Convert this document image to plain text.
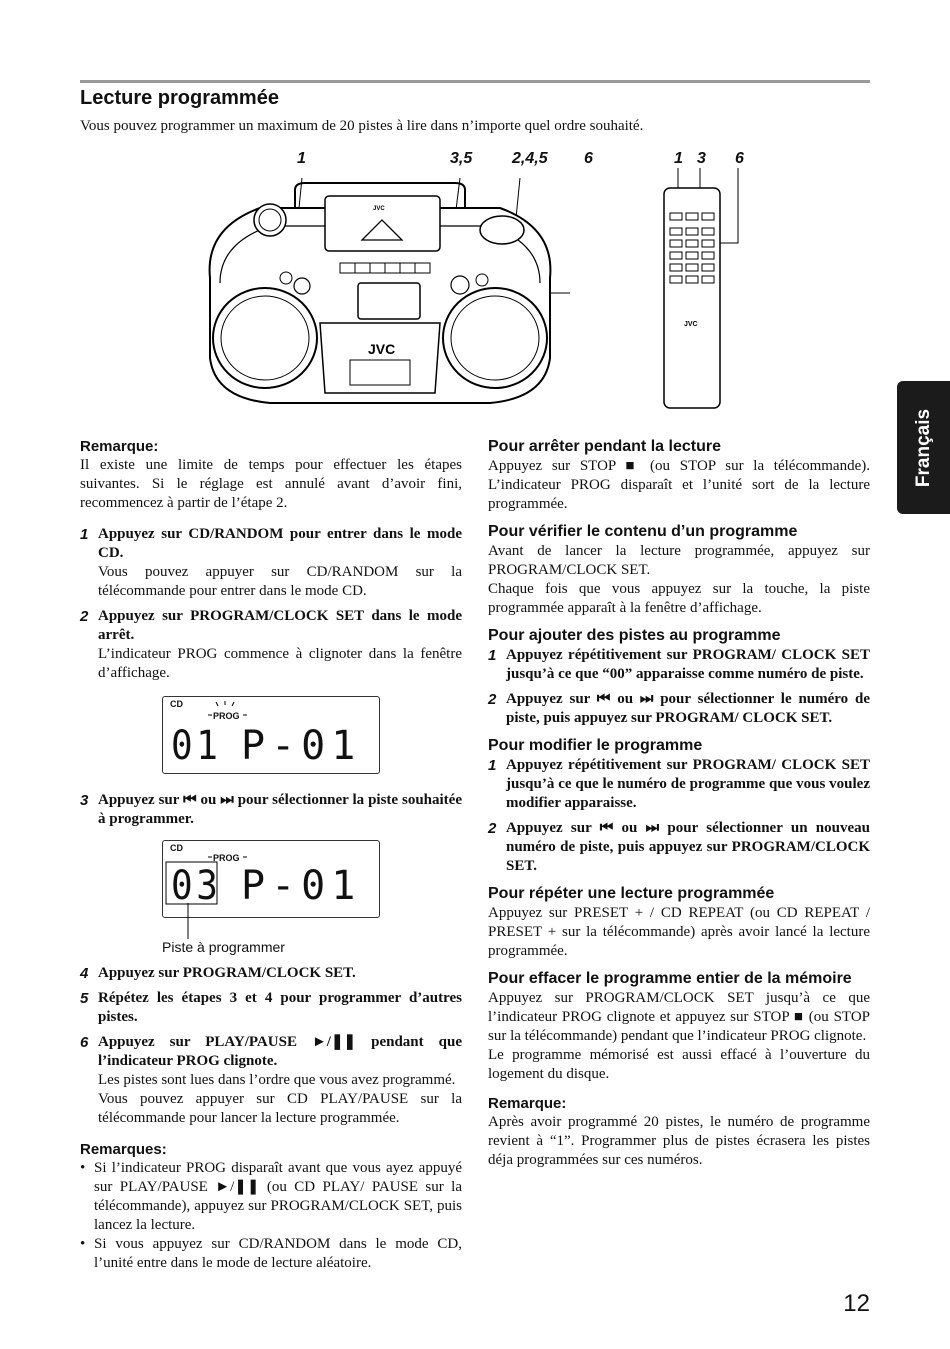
Lecture programmée
Vous pouvez programmer un maximum de 20 pistes à lire dans n’importe quel ordre souhaité.
1	3,5 2,4,5 6	1 3 6
JVC
JVC
JVC
Français
Remarque:

Il existe une limite de temps pour effectuer les étapes suivantes. Si le réglage est annulé avant d’avoir fini, recommencez à partir de l’étape 2.

1 Appuyez sur CD/RANDOM pour entrer dans le mode CD.

Vous pouvez appuyer sur CD/RANDOM sur la télécommande pour entrer dans le mode CD.

2 Appuyez sur PROGRAM/CLOCK SET dans le mode arrêt.

L’indicateur PROG commence à clignoter dans la fenêtre d’affichage.

CD
PROG
01 P-01
3 Appuyez sur ⏮ ou ⏭ pour sélectionner la piste souhaitée à programmer.

CD
PROG
03 P-01
Piste à programmer
4 Appuyez sur PROGRAM/CLOCK SET.

5 Répétez les étapes 3 et 4 pour programmer d’autres pistes.

6 Appuyez sur PLAY/PAUSE ►/❚❚ pendant que l’indicateur PROG clignote.

Les pistes sont lues dans l’ordre que vous avez programmé.

Vous pouvez appuyer sur CD PLAY/PAUSE sur la télécommande pour lancer la lecture programmée.

Remarques:
• Si l’indicateur PROG disparaît avant que vous ayez appuyé sur PLAY/PAUSE ►/❚❚ (ou CD PLAY/ PAUSE sur la télécommande), appuyez sur PROGRAM/CLOCK SET, puis lancez la lecture.

• Si vous appuyez sur CD/RANDOM dans le mode CD, l’unité entre dans le mode de lecture aléatoire.

Pour arrêter pendant la lecture

Appuyez sur STOP ■ (ou STOP sur la télécommande). L’indicateur PROG disparaît et l’unité sort de la lecture programmée.

Pour vérifier le contenu d’un programme

Avant de lancer la lecture programmée, appuyez sur PROGRAM/CLOCK SET.

Chaque fois que vous appuyez sur la touche, la piste programmée apparaît à la fenêtre d’affichage.

Pour ajouter des pistes au programme
1 Appuyez répétitivement sur PROGRAM/ CLOCK SET jusqu’à ce que “00” apparaisse comme numéro de piste.

2 Appuyez sur ⏮ ou ⏭ pour sélectionner le numéro de piste, puis appuyez sur PROGRAM/ CLOCK SET.

Pour modifier le programme
1 Appuyez répétitivement sur PROGRAM/ CLOCK SET jusqu’à ce que le numéro de programme que vous voulez modifier apparaisse.

2 Appuyez sur ⏮ ou ⏭ pour sélectionner un nouveau numéro de piste, puis appuyez sur PROGRAM/CLOCK SET.

Pour répéter une lecture programmée

Appuyez sur PRESET + / CD REPEAT (ou CD REPEAT / PRESET + sur la télécommande) après avoir lancé la lecture programmée.

Pour effacer le programme entier de la mémoire

Appuyez sur PROGRAM/CLOCK SET jusqu’à ce que l’indicateur PROG clignote et appuyez sur STOP ■ (ou STOP sur la télécommande) pendant que l’indicateur PROG clignote.

Le programme mémorisé est aussi effacé à l’ouverture du logement du disque.

Remarque:

Après avoir programmé 20 pistes, le numéro de programme revient à “1”. Programmer plus de pistes écrasera les pistes déja programmées sur ces numéros.

12
